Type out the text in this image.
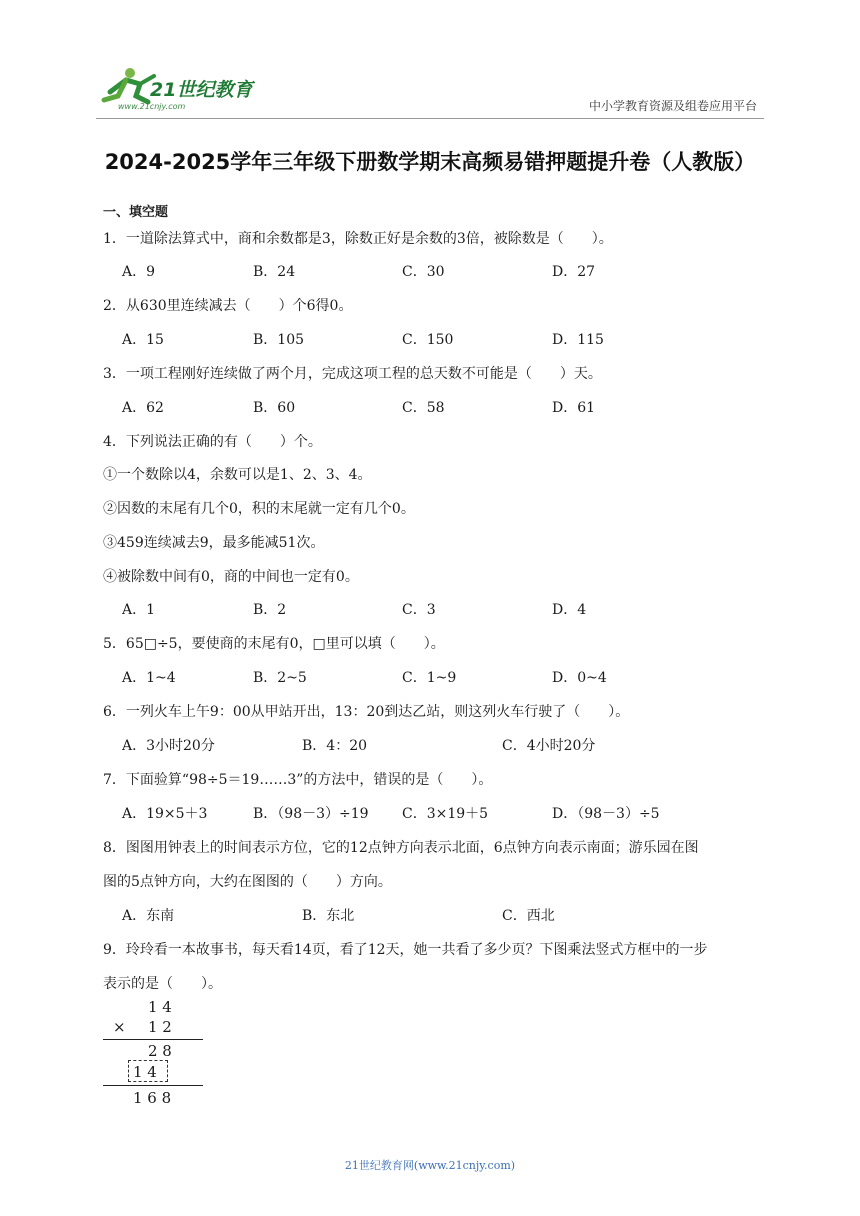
21世纪教育
www.21cnjy.com	中小学教育资源及组卷应用平台
2024-2025学年三年级下册数学期末高频易错押题提升卷（人教版）
一、填空题
1．一道除法算式中，商和余数都是3，除数正好是余数的3倍，被除数是（　　）。
A．9	B．24	C．30	D．27
2．从630里连续减去（　　）个6得0。
A．15	B．105	C．150	D．115
3．一项工程刚好连续做了两个月，完成这项工程的总天数不可能是（　　）天。
A．62	B．60	C．58	D．61
4．下列说法正确的有（　　）个。
①一个数除以4，余数可以是1、2、3、4。
②因数的末尾有几个0，积的末尾就一定有几个0。
③459连续减去9，最多能减51次。
④被除数中间有0，商的中间也一定有0。
A．1	B．2	C．3	D．4
5．65□÷5，要使商的末尾有0，□里可以填（　　）。
A．1~4	B．2~5	C．1~9	D．0~4
6．一列火车上午9：00从甲站开出，13：20到达乙站，则这列火车行驶了（　　）。
A．3小时20分	B．4：20	C．4小时20分
7．下面验算“98÷5＝19……3”的方法中，错误的是（　　）。
A．19×5＋3	B．（98－3）÷19 C．3×19＋5	D．（98－3）÷5
8．图图用钟表上的时间表示方位，它的12点钟方向表示北面，6点钟方向表示南面；游乐园在图
图的5点钟方向，大约在图图的（　　）方向。
A．东南	B．东北	C．西北
9．玲玲看一本故事书，每天看14页，看了12天，她一共看了多少页？下图乘法竖式方框中的一步
表示的是（　　）。
1 4
× 1 2
2 8
1 4
1 6 8
21世纪教育网(www.21cnjy.com)
